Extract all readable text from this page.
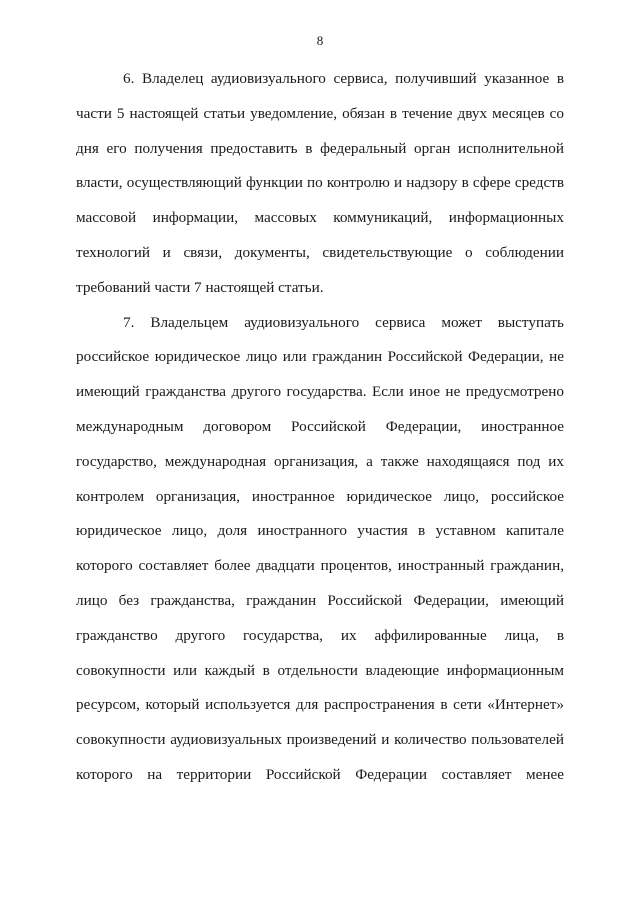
8
6. Владелец аудиовизуального сервиса, получивший указанное в
части 5 настоящей статьи уведомление, обязан в течение двух месяцев со
дня его получения предоставить в федеральный орган исполнительной
власти, осуществляющий функции по контролю и надзору в сфере средств
массовой информации, массовых коммуникаций, информационных
технологий и связи, документы, свидетельствующие о соблюдении
требований части 7 настоящей статьи.
7. Владельцем аудиовизуального сервиса может выступать
российское юридическое лицо или гражданин Российской Федерации, не
имеющий гражданства другого государства. Если иное не предусмотрено
международным договором Российской Федерации, иностранное
государство, международная организация, а также находящаяся под их
контролем организация, иностранное юридическое лицо, российское
юридическое лицо, доля иностранного участия в уставном капитале
которого составляет более двадцати процентов, иностранный гражданин,
лицо без гражданства, гражданин Российской Федерации, имеющий
гражданство другого государства, их аффилированные лица, в
совокупности или каждый в отдельности владеющие информационным
ресурсом, который используется для распространения в сети «Интернет»
совокупности аудиовизуальных произведений и количество пользователей
которого на территории Российской Федерации составляет менее
